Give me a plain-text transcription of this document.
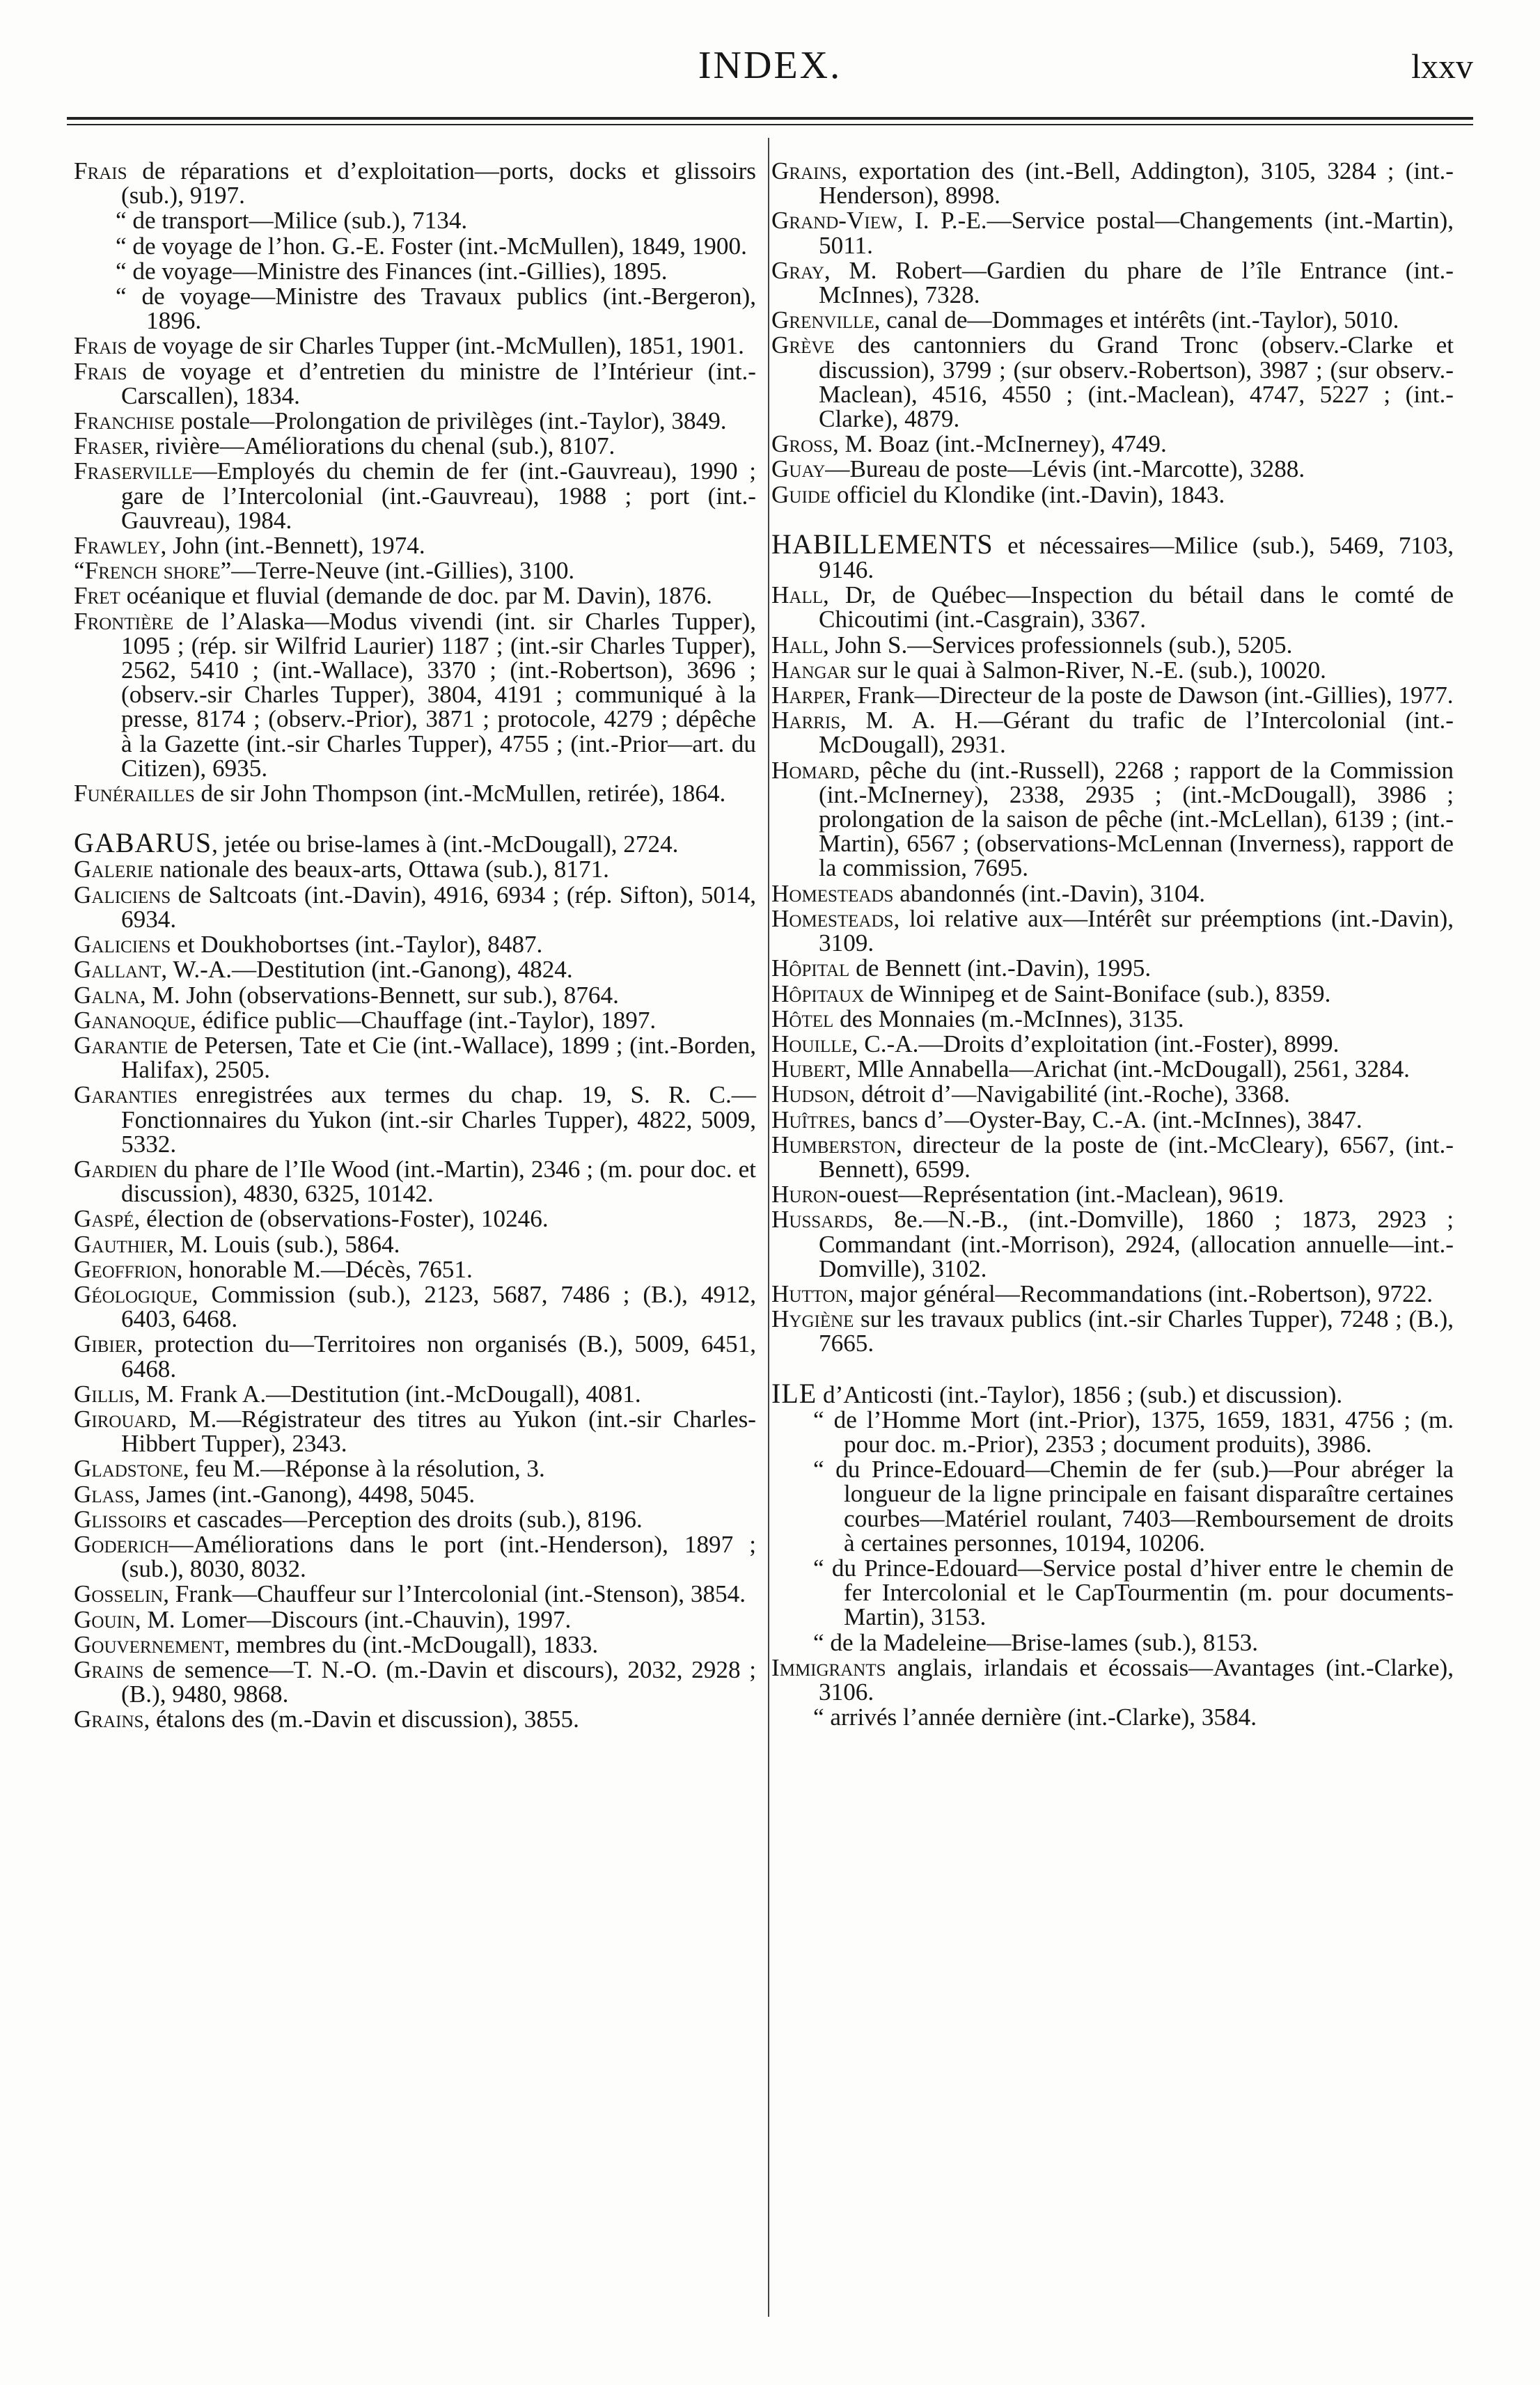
INDEX.	lxxv
Frais de réparations et d’exploitation—ports, docks et glissoirs (sub.), 9197.
“ de transport—Milice (sub.), 7134.
“ de voyage de l’hon. G.-E. Foster (int.-McMullen), 1849, 1900.
“ de voyage—Ministre des Finances (int.-Gillies), 1895.
“ de voyage—Ministre des Travaux publics (int.-Bergeron), 1896.
Frais de voyage de sir Charles Tupper (int.-McMullen), 1851, 1901.
Frais de voyage et d’entretien du ministre de l’Intérieur (int.-Carscallen), 1834.
Franchise postale—Prolongation de privilèges (int.-Taylor), 3849.
Fraser, rivière—Améliorations du chenal (sub.), 8107.
Fraserville—Employés du chemin de fer (int.-Gauvreau), 1990 ; gare de l’Intercolonial (int.-Gauvreau), 1988 ; port (int.-Gauvreau), 1984.
Frawley, John (int.-Bennett), 1974.
“French shore”—Terre-Neuve (int.-Gillies), 3100.
Fret océanique et fluvial (demande de doc. par M. Davin), 1876.
Frontière de l’Alaska—Modus vivendi (int. sir Charles Tupper), 1095 ; (rép. sir Wilfrid Laurier) 1187 ; (int.-sir Charles Tupper), 2562, 5410 ; (int.-Wallace), 3370 ; (int.-Robertson), 3696 ; (observ.-sir Charles Tupper), 3804, 4191 ; communiqué à la presse, 8174 ; (observ.-Prior), 3871 ; protocole, 4279 ; dépêche à la Gazette (int.-sir Charles Tupper), 4755 ; (int.-Prior—art. du Citizen), 6935.
Funérailles de sir John Thompson (int.-McMullen, retirée), 1864.
GABARUS, jetée ou brise-lames à (int.-McDougall), 2724.
Galerie nationale des beaux-arts, Ottawa (sub.), 8171.
Galiciens de Saltcoats (int.-Davin), 4916, 6934 ; (rép. Sifton), 5014, 6934.
Galiciens et Doukhobortses (int.-Taylor), 8487.
Gallant, W.-A.—Destitution (int.-Ganong), 4824.
Galna, M. John (observations-Bennett, sur sub.), 8764.
Gananoque, édifice public—Chauffage (int.-Taylor), 1897.
Garantie de Petersen, Tate et Cie (int.-Wallace), 1899 ; (int.-Borden, Halifax), 2505.
Garanties enregistrées aux termes du chap. 19, S. R. C.—Fonctionnaires du Yukon (int.-sir Charles Tupper), 4822, 5009, 5332.
Gardien du phare de l’Ile Wood (int.-Martin), 2346 ; (m. pour doc. et discussion), 4830, 6325, 10142.
Gaspé, élection de (observations-Foster), 10246.
Gauthier, M. Louis (sub.), 5864.
Geoffrion, honorable M.—Décès, 7651.
Géologique, Commission (sub.), 2123, 5687, 7486 ; (B.), 4912, 6403, 6468.
Gibier, protection du—Territoires non organisés (B.), 5009, 6451, 6468.
Gillis, M. Frank A.—Destitution (int.-McDougall), 4081.
Girouard, M.—Régistrateur des titres au Yukon (int.-sir Charles-Hibbert Tupper), 2343.
Gladstone, feu M.—Réponse à la résolution, 3.
Glass, James (int.-Ganong), 4498, 5045.
Glissoirs et cascades—Perception des droits (sub.), 8196.
Goderich—Améliorations dans le port (int.-Henderson), 1897 ; (sub.), 8030, 8032.
Gosselin, Frank—Chauffeur sur l’Intercolonial (int.-Stenson), 3854.
Gouin, M. Lomer—Discours (int.-Chauvin), 1997.
Gouvernement, membres du (int.-McDougall), 1833.
Grains de semence—T. N.-O. (m.-Davin et discours), 2032, 2928 ; (B.), 9480, 9868.
Grains, étalons des (m.-Davin et discussion), 3855.
Grains, exportation des (int.-Bell, Addington), 3105, 3284 ; (int.-Henderson), 8998.
Grand-View, I. P.-E.—Service postal—Changements (int.-Martin), 5011.
Gray, M. Robert—Gardien du phare de l’île Entrance (int.-McInnes), 7328.
Grenville, canal de—Dommages et intérêts (int.-Taylor), 5010.
Grève des cantonniers du Grand Tronc (observ.-Clarke et discussion), 3799 ; (sur observ.-Robertson), 3987 ; (sur observ.-Maclean), 4516, 4550 ; (int.-Maclean), 4747, 5227 ; (int.-Clarke), 4879.
Gross, M. Boaz (int.-McInerney), 4749.
Guay—Bureau de poste—Lévis (int.-Marcotte), 3288.
Guide officiel du Klondike (int.-Davin), 1843.
HABILLEMENTS et nécessaires—Milice (sub.), 5469, 7103, 9146.
Hall, Dr, de Québec—Inspection du bétail dans le comté de Chicoutimi (int.-Casgrain), 3367.
Hall, John S.—Services professionnels (sub.), 5205.
Hangar sur le quai à Salmon-River, N.-E. (sub.), 10020.
Harper, Frank—Directeur de la poste de Dawson (int.-Gillies), 1977.
Harris, M. A. H.—Gérant du trafic de l’Intercolonial (int.-McDougall), 2931.
Homard, pêche du (int.-Russell), 2268 ; rapport de la Commission (int.-McInerney), 2338, 2935 ; (int.-McDougall), 3986 ; prolongation de la saison de pêche (int.-McLellan), 6139 ; (int.-Martin), 6567 ; (observations-McLennan (Inverness), rapport de la commission, 7695.
Homesteads abandonnés (int.-Davin), 3104.
Homesteads, loi relative aux—Intérêt sur préemptions (int.-Davin), 3109.
Hôpital de Bennett (int.-Davin), 1995.
Hôpitaux de Winnipeg et de Saint-Boniface (sub.), 8359.
Hôtel des Monnaies (m.-McInnes), 3135.
Houille, C.-A.—Droits d’exploitation (int.-Foster), 8999.
Hubert, Mlle Annabella—Arichat (int.-McDougall), 2561, 3284.
Hudson, détroit d’—Navigabilité (int.-Roche), 3368.
Huîtres, bancs d’—Oyster-Bay, C.-A. (int.-McInnes), 3847.
Humberston, directeur de la poste de (int.-McCleary), 6567, (int.-Bennett), 6599.
Huron-ouest—Représentation (int.-Maclean), 9619.
Hussards, 8e.—N.-B., (int.-Domville), 1860 ; 1873, 2923 ; Commandant (int.-Morrison), 2924, (allocation annuelle—int.-Domville), 3102.
Hutton, major général—Recommandations (int.-Robertson), 9722.
Hygiène sur les travaux publics (int.-sir Charles Tupper), 7248 ; (B.), 7665.
ILE d’Anticosti (int.-Taylor), 1856 ; (sub.) et discussion).
“ de l’Homme Mort (int.-Prior), 1375, 1659, 1831, 4756 ; (m. pour doc. m.-Prior), 2353 ; document produits), 3986.
“ du Prince-Edouard—Chemin de fer (sub.)—Pour abréger la longueur de la ligne principale en faisant disparaître certaines courbes—Matériel roulant, 7403—Remboursement de droits à certaines personnes, 10194, 10206.
“ du Prince-Edouard—Service postal d’hiver entre le chemin de fer Intercolonial et le CapTourmentin (m. pour documents-Martin), 3153.
“ de la Madeleine—Brise-lames (sub.), 8153.
Immigrants anglais, irlandais et écossais—Avantages (int.-Clarke), 3106.
“ arrivés l’année dernière (int.-Clarke), 3584.
